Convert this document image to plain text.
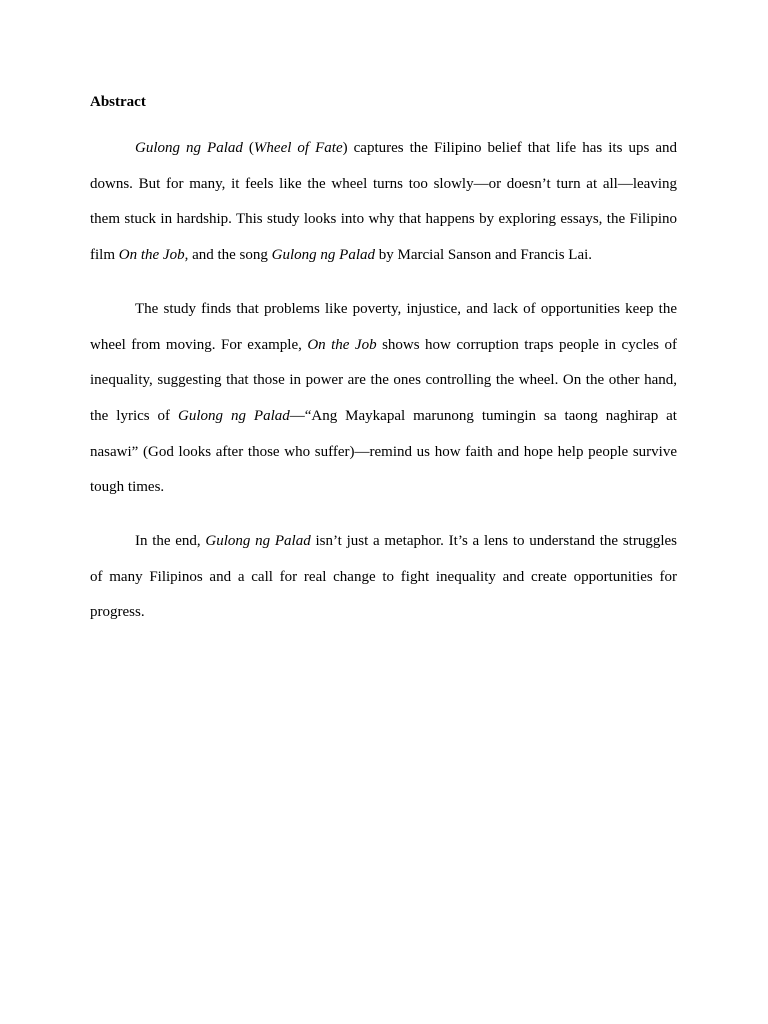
Abstract

Gulong ng Palad (Wheel of Fate) captures the Filipino belief that life has its ups and downs. But for many, it feels like the wheel turns too slowly—or doesn’t turn at all—leaving them stuck in hardship. This study looks into why that happens by exploring essays, the Filipino film On the Job, and the song Gulong ng Palad by Marcial Sanson and Francis Lai.

The study finds that problems like poverty, injustice, and lack of opportunities keep the wheel from moving. For example, On the Job shows how corruption traps people in cycles of inequality, suggesting that those in power are the ones controlling the wheel. On the other hand, the lyrics of Gulong ng Palad—“Ang Maykapal marunong tumingin sa taong naghirap at nasawi” (God looks after those who suffer)—remind us how faith and hope help people survive tough times.

In the end, Gulong ng Palad isn’t just a metaphor. It’s a lens to understand the struggles of many Filipinos and a call for real change to fight inequality and create opportunities for progress.
